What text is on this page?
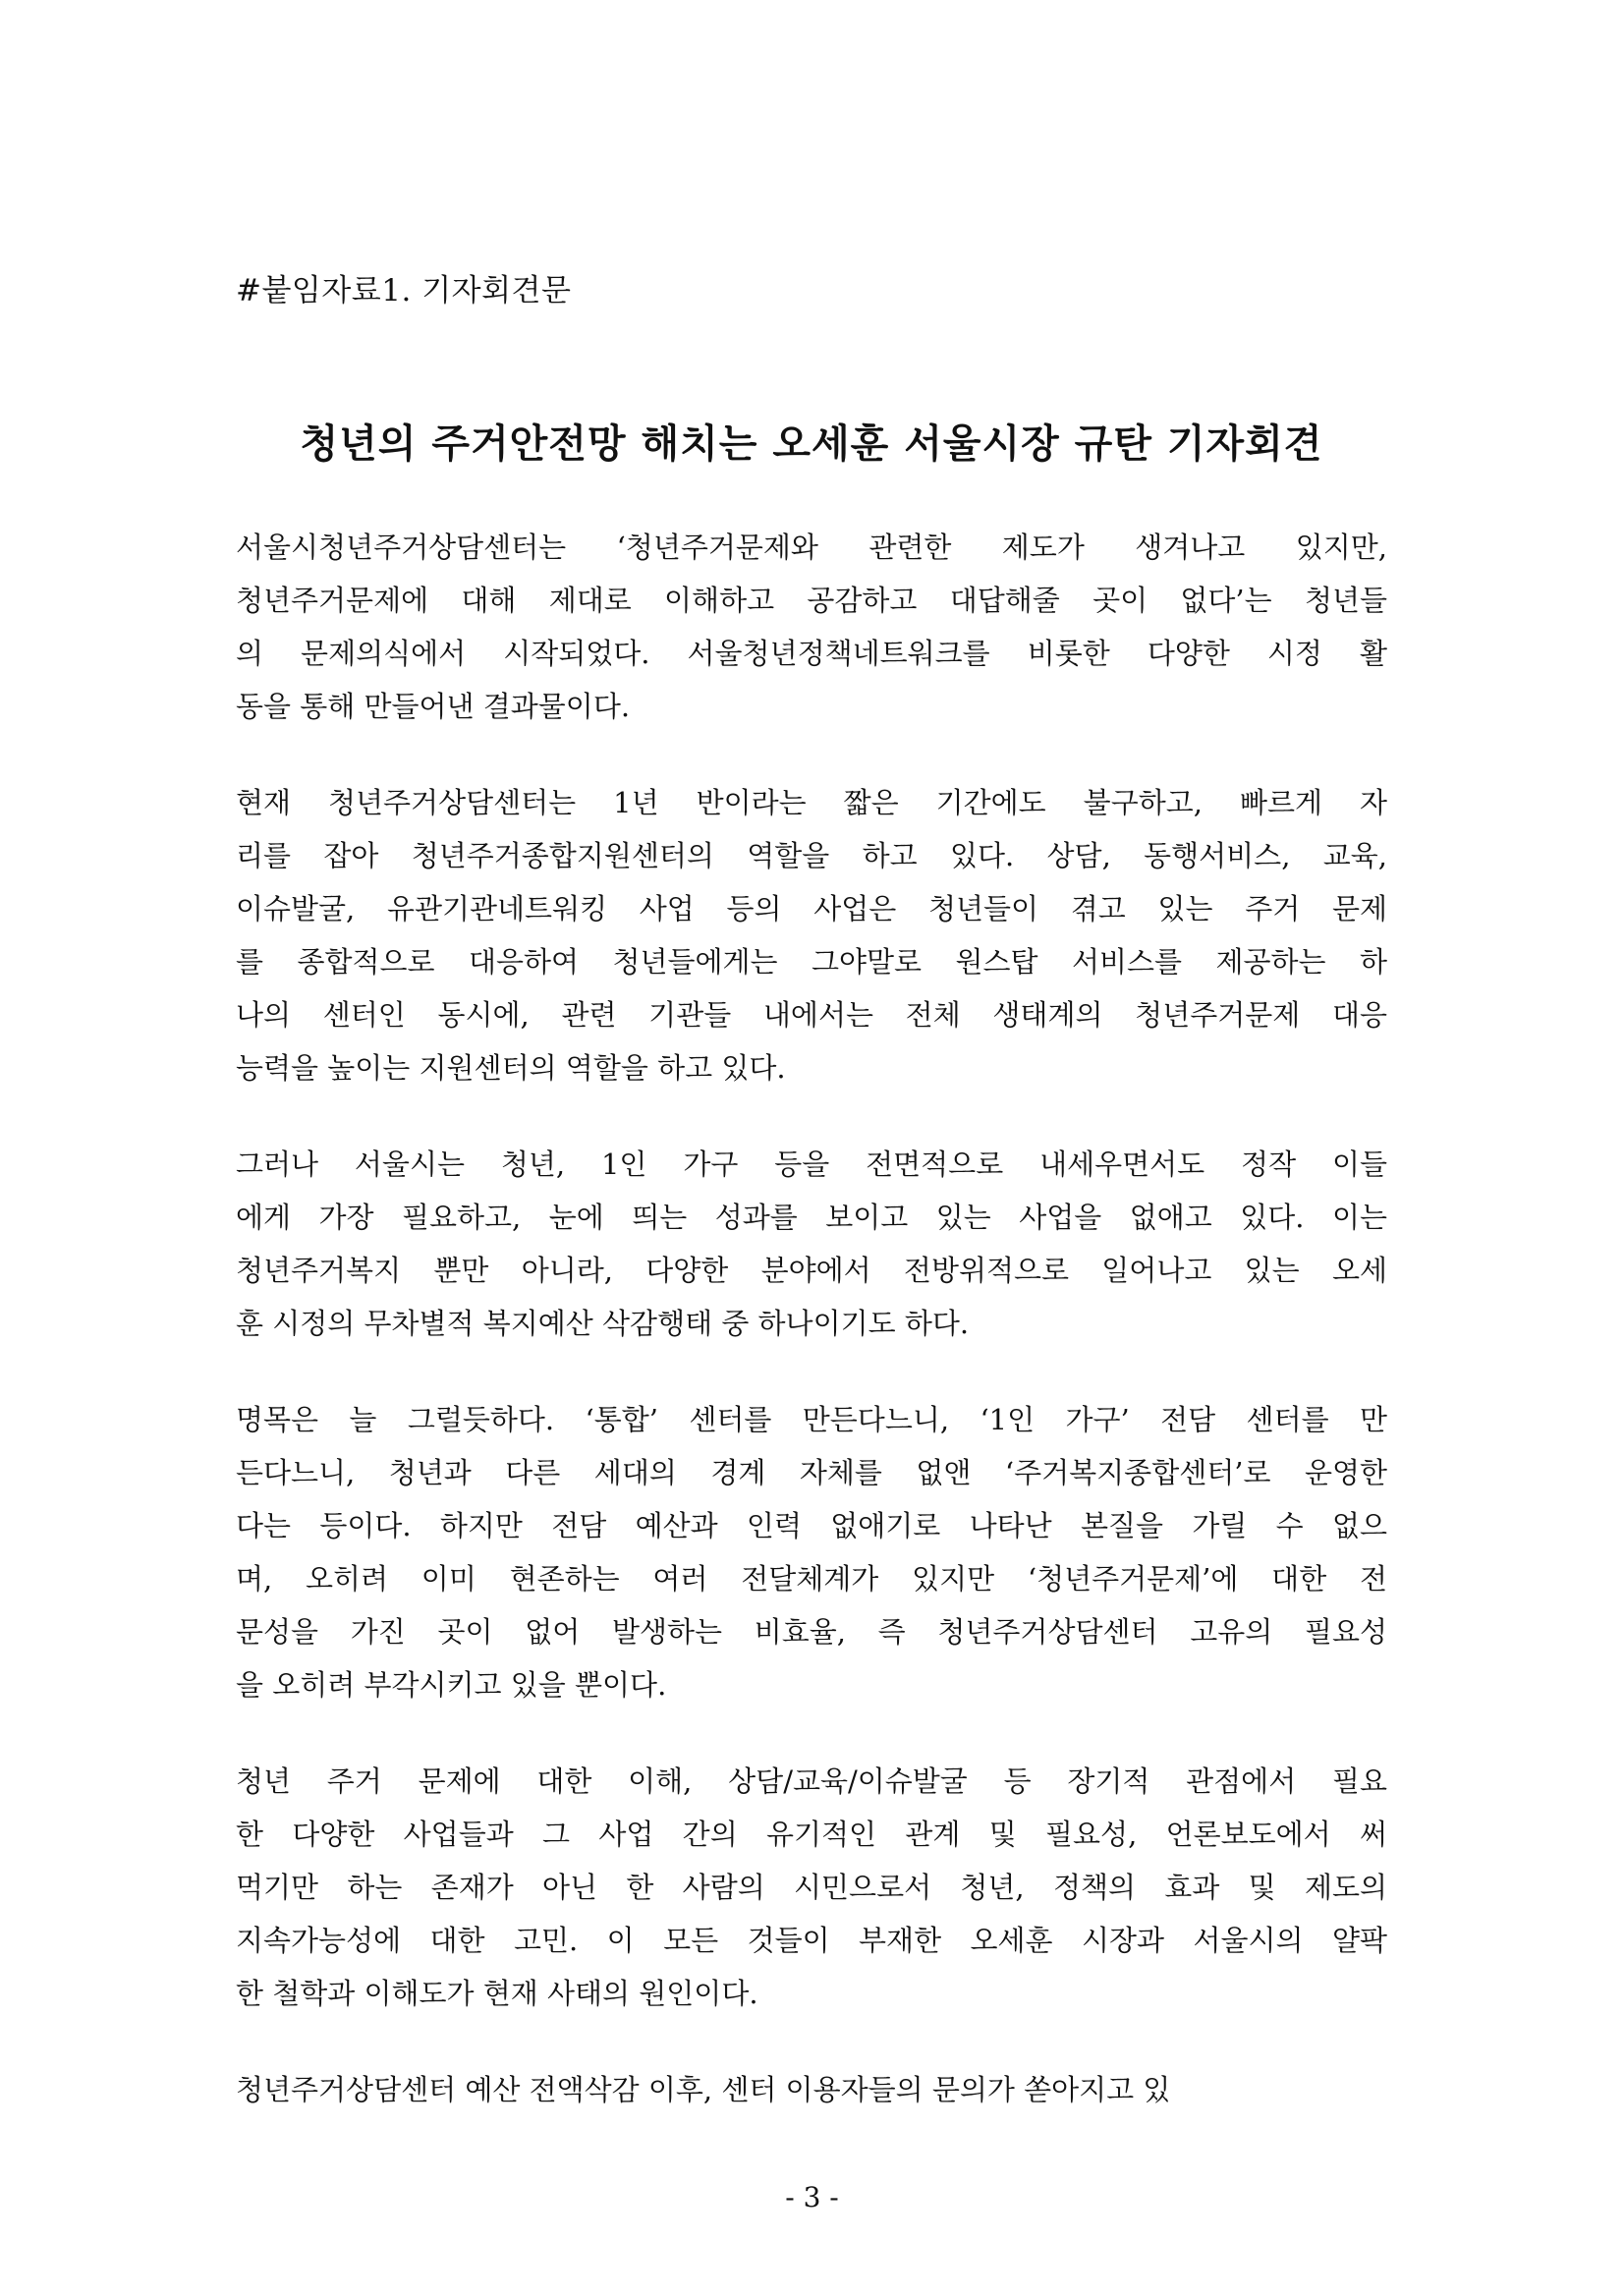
#붙임자료1. 기자회견문
청년의 주거안전망 해치는 오세훈 서울시장 규탄 기자회견
서울시청년주거상담센터는 ‘청년주거문제와 관련한 제도가 생겨나고 있지만,
청년주거문제에 대해 제대로 이해하고 공감하고 대답해줄 곳이 없다’는 청년들
의 문제의식에서 시작되었다. 서울청년정책네트워크를 비롯한 다양한 시정 활
동을 통해 만들어낸 결과물이다.
현재 청년주거상담센터는 1년 반이라는 짧은 기간에도 불구하고, 빠르게 자
리를 잡아 청년주거종합지원센터의 역할을 하고 있다. 상담, 동행서비스, 교육,
이슈발굴, 유관기관네트워킹 사업 등의 사업은 청년들이 겪고 있는 주거 문제
를 종합적으로 대응하여 청년들에게는 그야말로 원스탑 서비스를 제공하는 하
나의 센터인 동시에, 관련 기관들 내에서는 전체 생태계의 청년주거문제 대응
능력을 높이는 지원센터의 역할을 하고 있다.
그러나 서울시는 청년, 1인 가구 등을 전면적으로 내세우면서도 정작 이들
에게 가장 필요하고, 눈에 띄는 성과를 보이고 있는 사업을 없애고 있다. 이는
청년주거복지 뿐만 아니라, 다양한 분야에서 전방위적으로 일어나고 있는 오세
훈 시정의 무차별적 복지예산 삭감행태 중 하나이기도 하다.
명목은 늘 그럴듯하다. ‘통합’ 센터를 만든다느니, ‘1인 가구’ 전담 센터를 만
든다느니, 청년과 다른 세대의 경계 자체를 없앤 ‘주거복지종합센터’로 운영한
다는 등이다. 하지만 전담 예산과 인력 없애기로 나타난 본질을 가릴 수 없으
며, 오히려 이미 현존하는 여러 전달체계가 있지만 ‘청년주거문제’에 대한 전
문성을 가진 곳이 없어 발생하는 비효율, 즉 청년주거상담센터 고유의 필요성
을 오히려 부각시키고 있을 뿐이다.
청년 주거 문제에 대한 이해, 상담/교육/이슈발굴 등 장기적 관점에서 필요
한 다양한 사업들과 그 사업 간의 유기적인 관계 및 필요성, 언론보도에서 써
먹기만 하는 존재가 아닌 한 사람의 시민으로서 청년, 정책의 효과 및 제도의
지속가능성에 대한 고민. 이 모든 것들이 부재한 오세훈 시장과 서울시의 얄팍
한 철학과 이해도가 현재 사태의 원인이다.
청년주거상담센터 예산 전액삭감 이후, 센터 이용자들의 문의가 쏟아지고 있
- 3 -
